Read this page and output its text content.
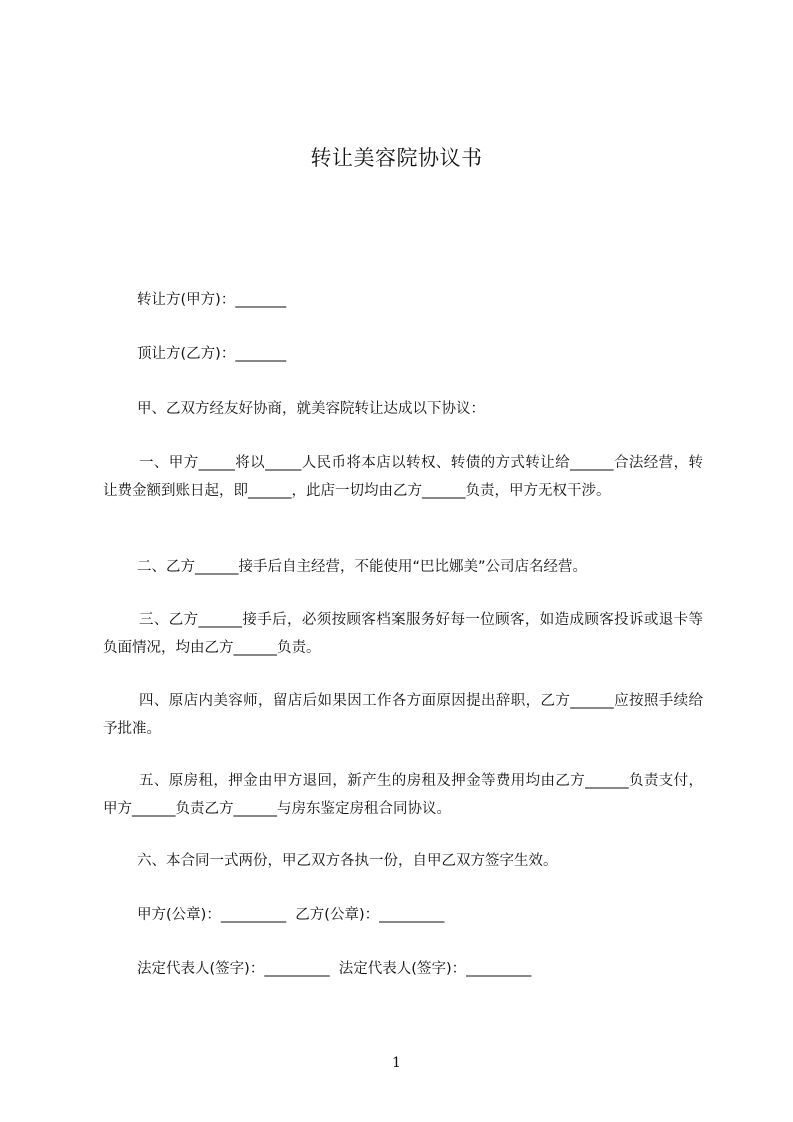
转让美容院协议书

转让方(甲方)：_______

顶让方(乙方)：_______

甲、乙双方经友好协商，就美容院转让达成以下协议：

一、甲方_____将以_____人民币将本店以转权、转债的方式转让给______合法经营，转让费金额到账日起，即______，此店一切均由乙方______负责，甲方无权干涉。

二、乙方______接手后自主经营，不能使用“巴比娜美”公司店名经营。

三、乙方______接手后，必须按顾客档案服务好每一位顾客，如造成顾客投诉或退卡等负面情况，均由乙方______负责。

四、原店内美容师，留店后如果因工作各方面原因提出辞职，乙方______应按照手续给予批准。

五、原房租，押金由甲方退回，新产生的房租及押金等费用均由乙方______负责支付，甲方______负责乙方______与房东鉴定房租合同协议。

六、本合同一式两份，甲乙双方各执一份，自甲乙双方签字生效。

甲方(公章)：_________  乙方(公章)：_________

法定代表人(签字)：_________  法定代表人(签字)：_________

1
